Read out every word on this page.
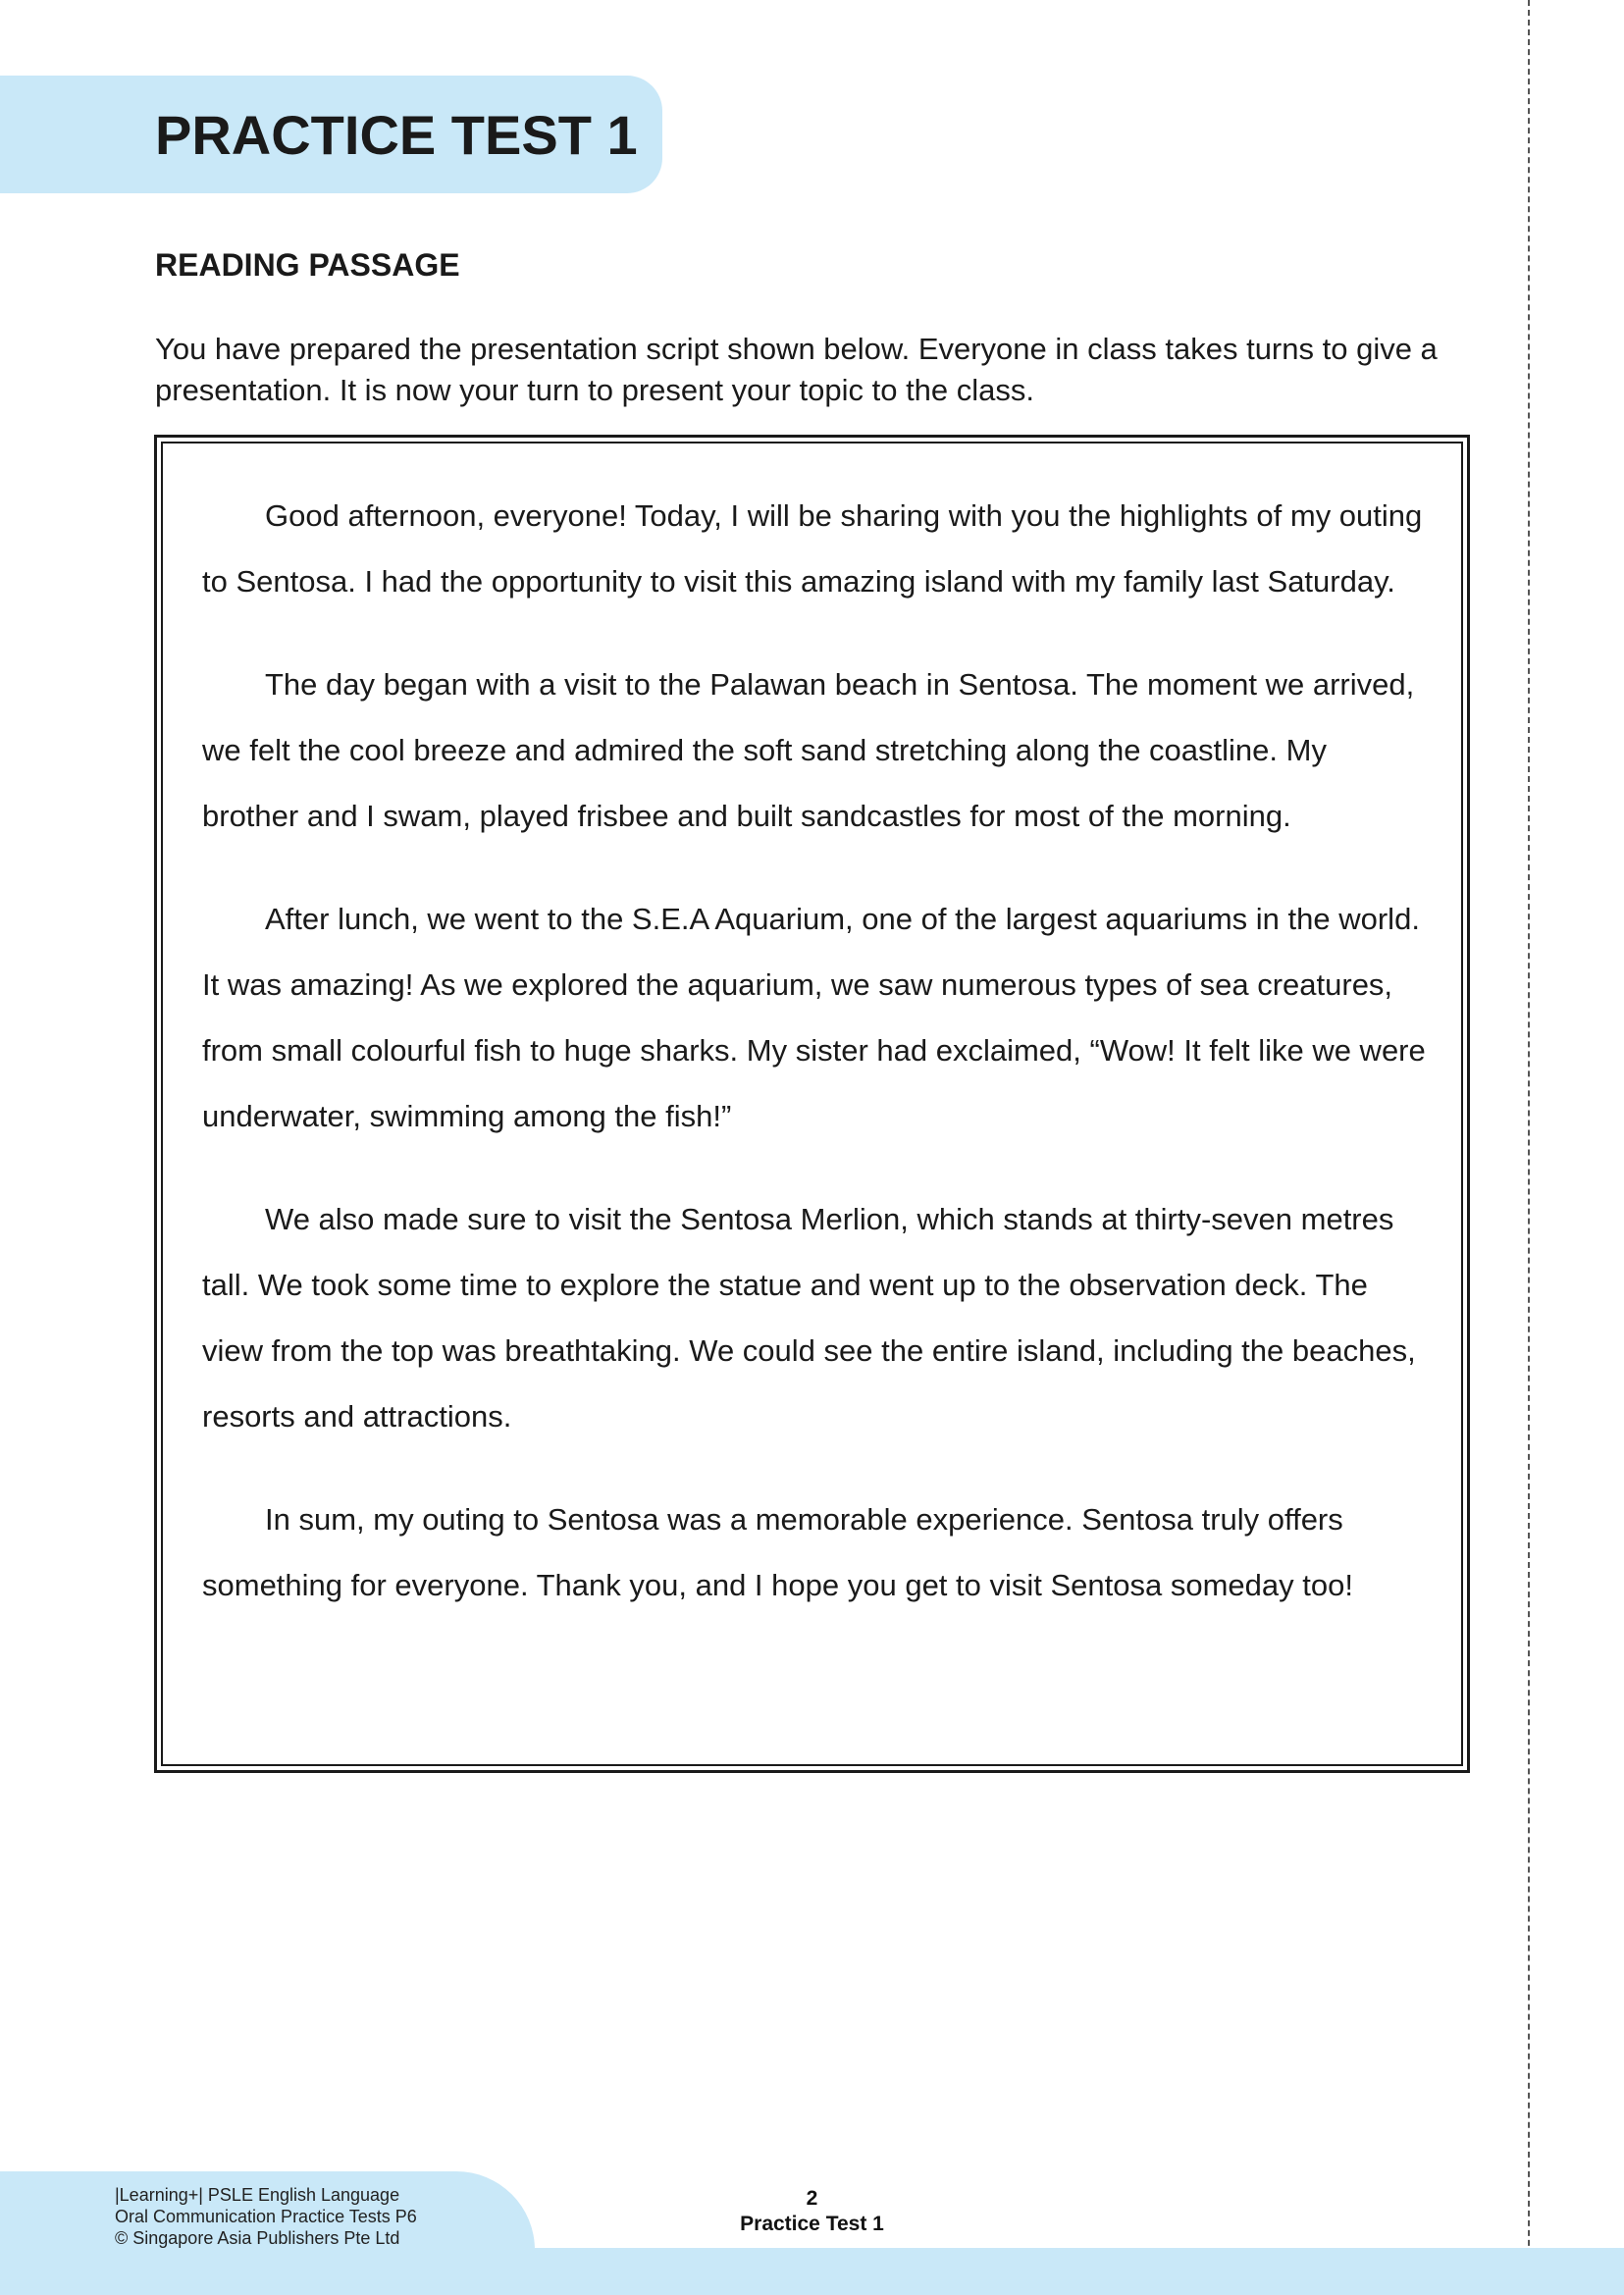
PRACTICE TEST 1
READING PASSAGE
You have prepared the presentation script shown below. Everyone in class takes turns to give a presentation. It is now your turn to present your topic to the class.

Good afternoon, everyone! Today, I will be sharing with you the highlights of my outing to Sentosa. I had the opportunity to visit this amazing island with my family last Saturday.

The day began with a visit to the Palawan beach in Sentosa. The moment we arrived, we felt the cool breeze and admired the soft sand stretching along the coastline. My brother and I swam, played frisbee and built sandcastles for most of the morning.

After lunch, we went to the S.E.A Aquarium, one of the largest aquariums in the world. It was amazing! As we explored the aquarium, we saw numerous types of sea creatures, from small colourful fish to huge sharks. My sister had exclaimed, “Wow! It felt like we were underwater, swimming among the fish!”

We also made sure to visit the Sentosa Merlion, which stands at thirty-seven metres tall. We took some time to explore the statue and went up to the observation deck. The view from the top was breathtaking. We could see the entire island, including the beaches, resorts and attractions.

In sum, my outing to Sentosa was a memorable experience. Sentosa truly offers something for everyone. Thank you, and I hope you get to visit Sentosa someday too!

|Learning+| PSLE English Language
Oral Communication Practice Tests P6
© Singapore Asia Publishers Pte Ltd
2
Practice Test 1
